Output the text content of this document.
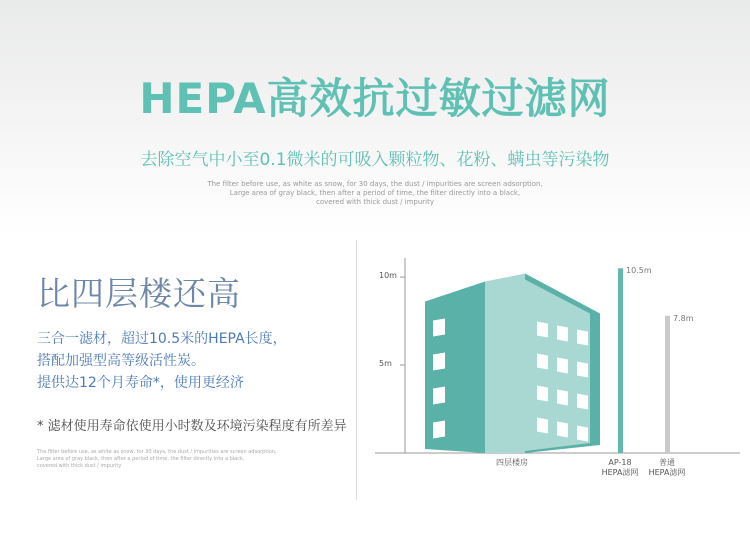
HEPA高效抗过敏过滤网
去除空气中小至0.1微米的可吸入颗粒物、花粉、螨虫等污染物
The filter before use, as white as snow, for 30 days, the dust / impurities are screen adsorption,
Large area of gray black, then after a period of time, the filter directly into a black,
covered with thick dust / impurity
比四层楼还高
三合一滤材，超过10.5米的HEPA长度，
搭配加强型高等级活性炭。
提供达12个月寿命*，使用更经济
* 滤材使用寿命依使用小时数及环境污染程度有所差异
The filter before use, as white as snow, for 30 days, the dust / impurities are screen adsorption,
Large area of gray black, then after a period of time, the filter directly into a black,
covered with thick dust / impurity
10m
5m
10.5m
7.8m
四层楼房	AP-18
HEPA滤网
普通
HEPA滤网
